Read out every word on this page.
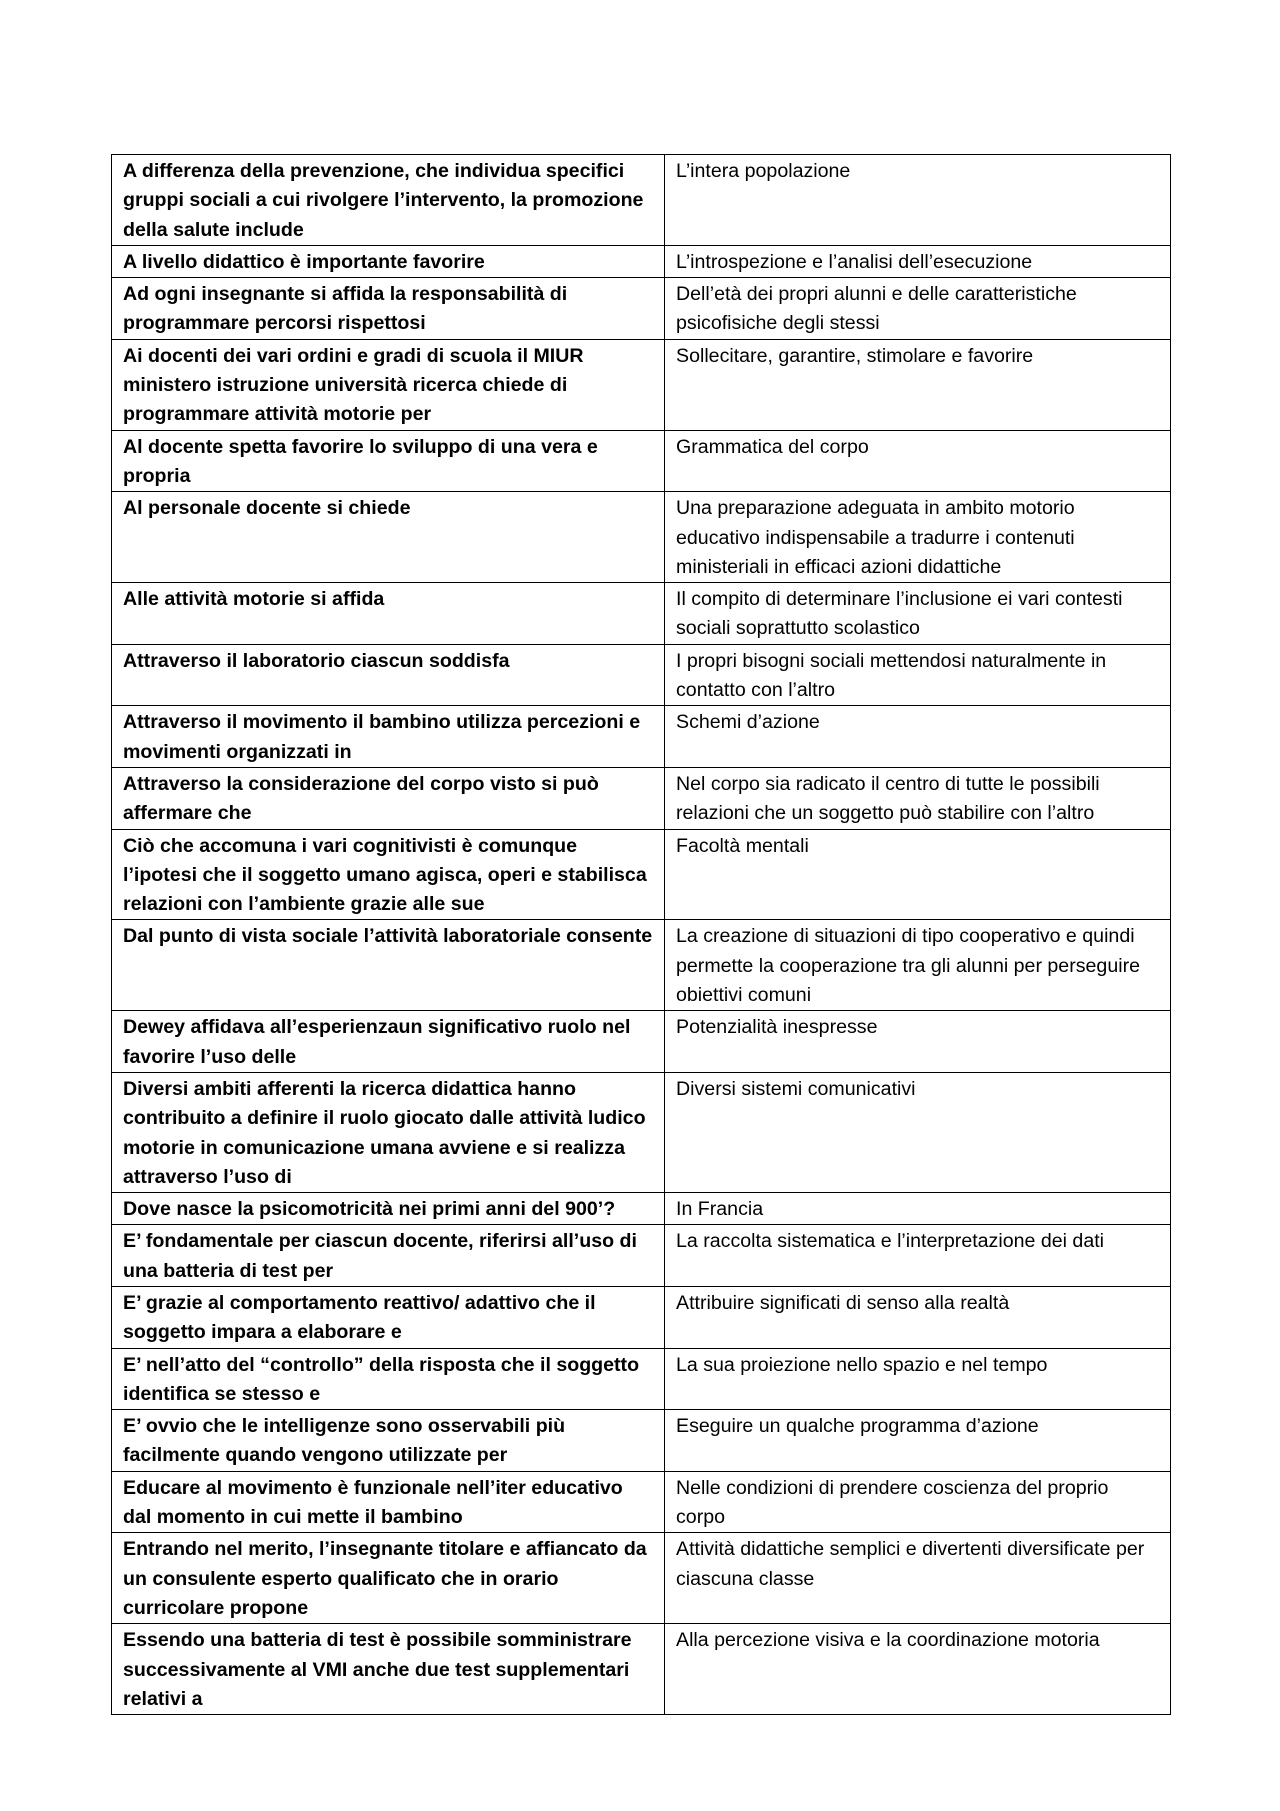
A differenza della prevenzione, che individua specifici gruppi sociali a cui rivolgere l’intervento, la promozione della salute include	L’intera popolazione
A livello didattico è importante favorire	L’introspezione e l’analisi dell’esecuzione
Ad ogni insegnante si affida la responsabilità di programmare percorsi rispettosi	Dell’età dei propri alunni e delle caratteristiche psicofisiche degli stessi
Ai docenti dei vari ordini e gradi di scuola il MIUR ministero istruzione università ricerca chiede di programmare attività motorie per	Sollecitare, garantire, stimolare e favorire
Al docente spetta favorire lo sviluppo di una vera e propria	Grammatica del corpo
Al personale docente si chiede	Una preparazione adeguata in ambito motorio educativo indispensabile a tradurre i contenuti ministeriali in efficaci azioni didattiche
Alle attività motorie si affida	Il compito di determinare l’inclusione ei vari contesti sociali soprattutto scolastico
Attraverso il laboratorio ciascun soddisfa	I propri bisogni sociali mettendosi naturalmente in contatto con l’altro
Attraverso il movimento il bambino utilizza percezioni e movimenti organizzati in	Schemi d’azione
Attraverso la considerazione del corpo visto si può affermare che	Nel corpo sia radicato il centro di tutte le possibili relazioni che un soggetto può stabilire con l’altro
Ciò che accomuna i vari cognitivisti è comunque l’ipotesi che il soggetto umano agisca, operi e stabilisca relazioni con l’ambiente grazie alle sue	Facoltà mentali
Dal punto di vista sociale l’attività laboratoriale consente	La creazione di situazioni di tipo cooperativo e quindi permette la cooperazione tra gli alunni per perseguire obiettivi comuni
Dewey affidava all’esperienzaun significativo ruolo nel favorire l’uso delle	Potenzialità inespresse
Diversi ambiti afferenti la ricerca didattica hanno contribuito a definire il ruolo giocato dalle attività ludico motorie in comunicazione umana avviene e si realizza attraverso l’uso di	Diversi sistemi comunicativi
Dove nasce la psicomotricità nei primi anni del 900’?	In Francia
E’ fondamentale per ciascun docente, riferirsi all’uso di una batteria di test per	La raccolta sistematica e l’interpretazione dei dati
E’ grazie al comportamento reattivo/ adattivo che il soggetto impara a elaborare e	Attribuire significati di senso alla realtà
E’ nell’atto del “controllo” della risposta che il soggetto identifica se stesso e	La sua proiezione nello spazio e nel tempo
E’ ovvio che le intelligenze sono osservabili più facilmente quando vengono utilizzate per	Eseguire un qualche programma d’azione
Educare al movimento è funzionale nell’iter educativo dal momento in cui mette il bambino	Nelle condizioni di prendere coscienza del proprio corpo
Entrando nel merito, l’insegnante titolare e affiancato da un consulente esperto qualificato che in orario curricolare propone	Attività didattiche semplici e divertenti diversificate per ciascuna classe
Essendo una batteria di test è possibile somministrare successivamente al VMI anche due test supplementari relativi a	Alla percezione visiva e la coordinazione motoria
